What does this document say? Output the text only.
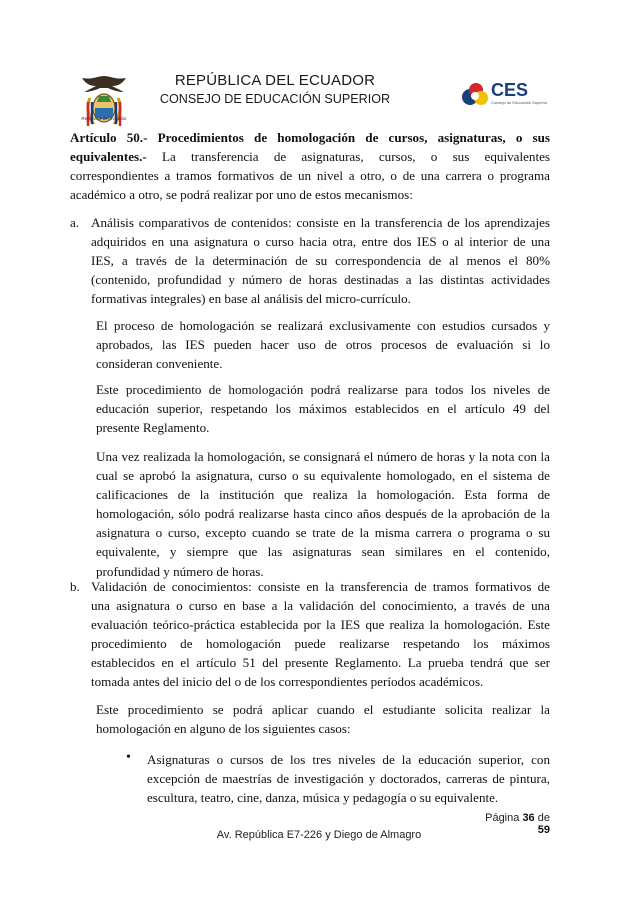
República del Ecuador
REPÚBLICA DEL ECUADOR
CONSEJO DE EDUCACIÓN SUPERIOR	CES
Consejo de Educación Superior
Artículo 50.- Procedimientos de homologación de cursos, asignaturas, o sus
equivalentes.- La transferencia de asignaturas, cursos, o sus equivalentes
correspondientes a tramos formativos de un nivel a otro, o de una carrera o programa
académico a otro, se podrá realizar por uno de estos mecanismos:
a. Análisis comparativos de contenidos: consiste en la transferencia de los aprendizajes
adquiridos en una asignatura o curso hacia otra, entre dos IES o al interior de una
IES, a través de la determinación de su correspondencia de al menos el 80%
(contenido, profundidad y número de horas destinadas a las distintas actividades
formativas integrales) en base al análisis del micro-currículo.
El proceso de homologación se realizará exclusivamente con estudios cursados y
aprobados, las IES pueden hacer uso de otros procesos de evaluación si lo
consideran conveniente.
Este procedimiento de homologación podrá realizarse para todos los niveles de
educación superior, respetando los máximos establecidos en el artículo 49 del
presente Reglamento.
Una vez realizada la homologación, se consignará el número de horas y la nota con la
cual se aprobó la asignatura, curso o su equivalente homologado, en el sistema de
calificaciones de la institución que realiza la homologación. Esta forma de
homologación, sólo podrá realizarse hasta cinco años después de la aprobación de la
asignatura o curso, excepto cuando se trate de la misma carrera o programa o su
equivalente, y siempre que las asignaturas sean similares en el contenido,
profundidad y número de horas.
b. Validación de conocimientos: consiste en la transferencia de tramos formativos de
una asignatura o curso en base a la validación del conocimiento, a través de una
evaluación teórico-práctica establecida por la IES que realiza la homologación. Este
procedimiento de homologación puede realizarse respetando los máximos
establecidos en el artículo 51 del presente Reglamento. La prueba tendrá que ser
tomada antes del inicio del o de los correspondientes períodos académicos.
Este procedimiento se podrá aplicar cuando el estudiante solicita realizar la
homologación en alguno de los siguientes casos:
• Asignaturas o cursos de los tres niveles de la educación superior, con
excepción de maestrías de investigación y doctorados, carreras de pintura,
escultura, teatro, cine, danza, música y pedagogía o su equivalente.
Página 36 de 59
Av. República E7-226 y Diego de Almagro
